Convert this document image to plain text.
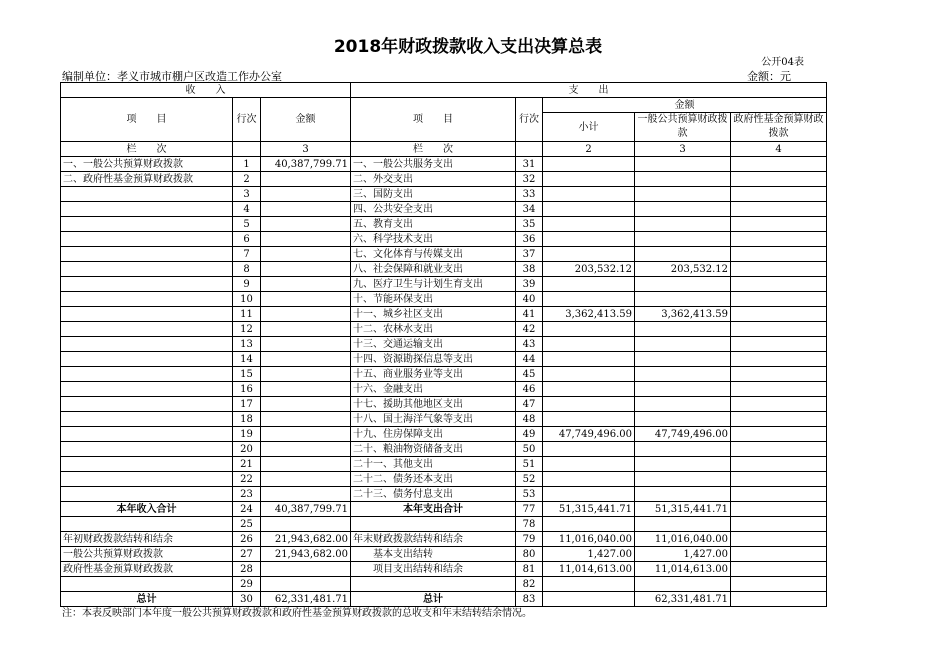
2018年财政拨款收入支出决算总表
公开04表
编制单位：孝义市城市棚户区改造工作办公室	金额：元
收　　入			支　　出				
项　　目	行次	金额	项　　目	行次	金额		
					小计	一般公共预算财政拨款	政府性基金预算财政拨款
栏　　次		3	栏　　次		2	3	4
一、一般公共预算财政拨款	1	40,387,799.71	一、一般公共服务支出	31			
二、政府性基金预算财政拨款	2		二、外交支出	32			
	3		三、国防支出	33			
	4		四、公共安全支出	34			
	5		五、教育支出	35			
	6		六、科学技术支出	36			
	7		七、文化体育与传媒支出	37			
	8		八、社会保障和就业支出	38	203,532.12	203,532.12	
	9		九、医疗卫生与计划生育支出	39			
	10		十、节能环保支出	40			
	11		十一、城乡社区支出	41	3,362,413.59	3,362,413.59	
	12		十二、农林水支出	42			
	13		十三、交通运输支出	43			
	14		十四、资源勘探信息等支出	44			
	15		十五、商业服务业等支出	45			
	16		十六、金融支出	46			
	17		十七、援助其他地区支出	47			
	18		十八、国土海洋气象等支出	48			
	19		十九、住房保障支出	49	47,749,496.00	47,749,496.00	
	20		二十、粮油物资储备支出	50			
	21		二十一、其他支出	51			
	22		二十二、债务还本支出	52			
	23		二十三、债务付息支出	53			
本年收入合计	24	40,387,799.71	本年支出合计	77	51,315,441.71	51,315,441.71	
	25			78			
年初财政拨款结转和结余	26	21,943,682.00	年末财政拨款结转和结余	79	11,016,040.00	11,016,040.00	
一般公共预算财政拨款	27	21,943,682.00	　　基本支出结转	80	1,427.00	1,427.00	
政府性基金预算财政拨款	28		　　项目支出结转和结余	81	11,014,613.00	11,014,613.00	
	29			82			
总计	30	62,331,481.71	总计	83		62,331,481.71	
注：本表反映部门本年度一般公共预算财政拨款和政府性基金预算财政拨款的总收支和年末结转结余情况。
